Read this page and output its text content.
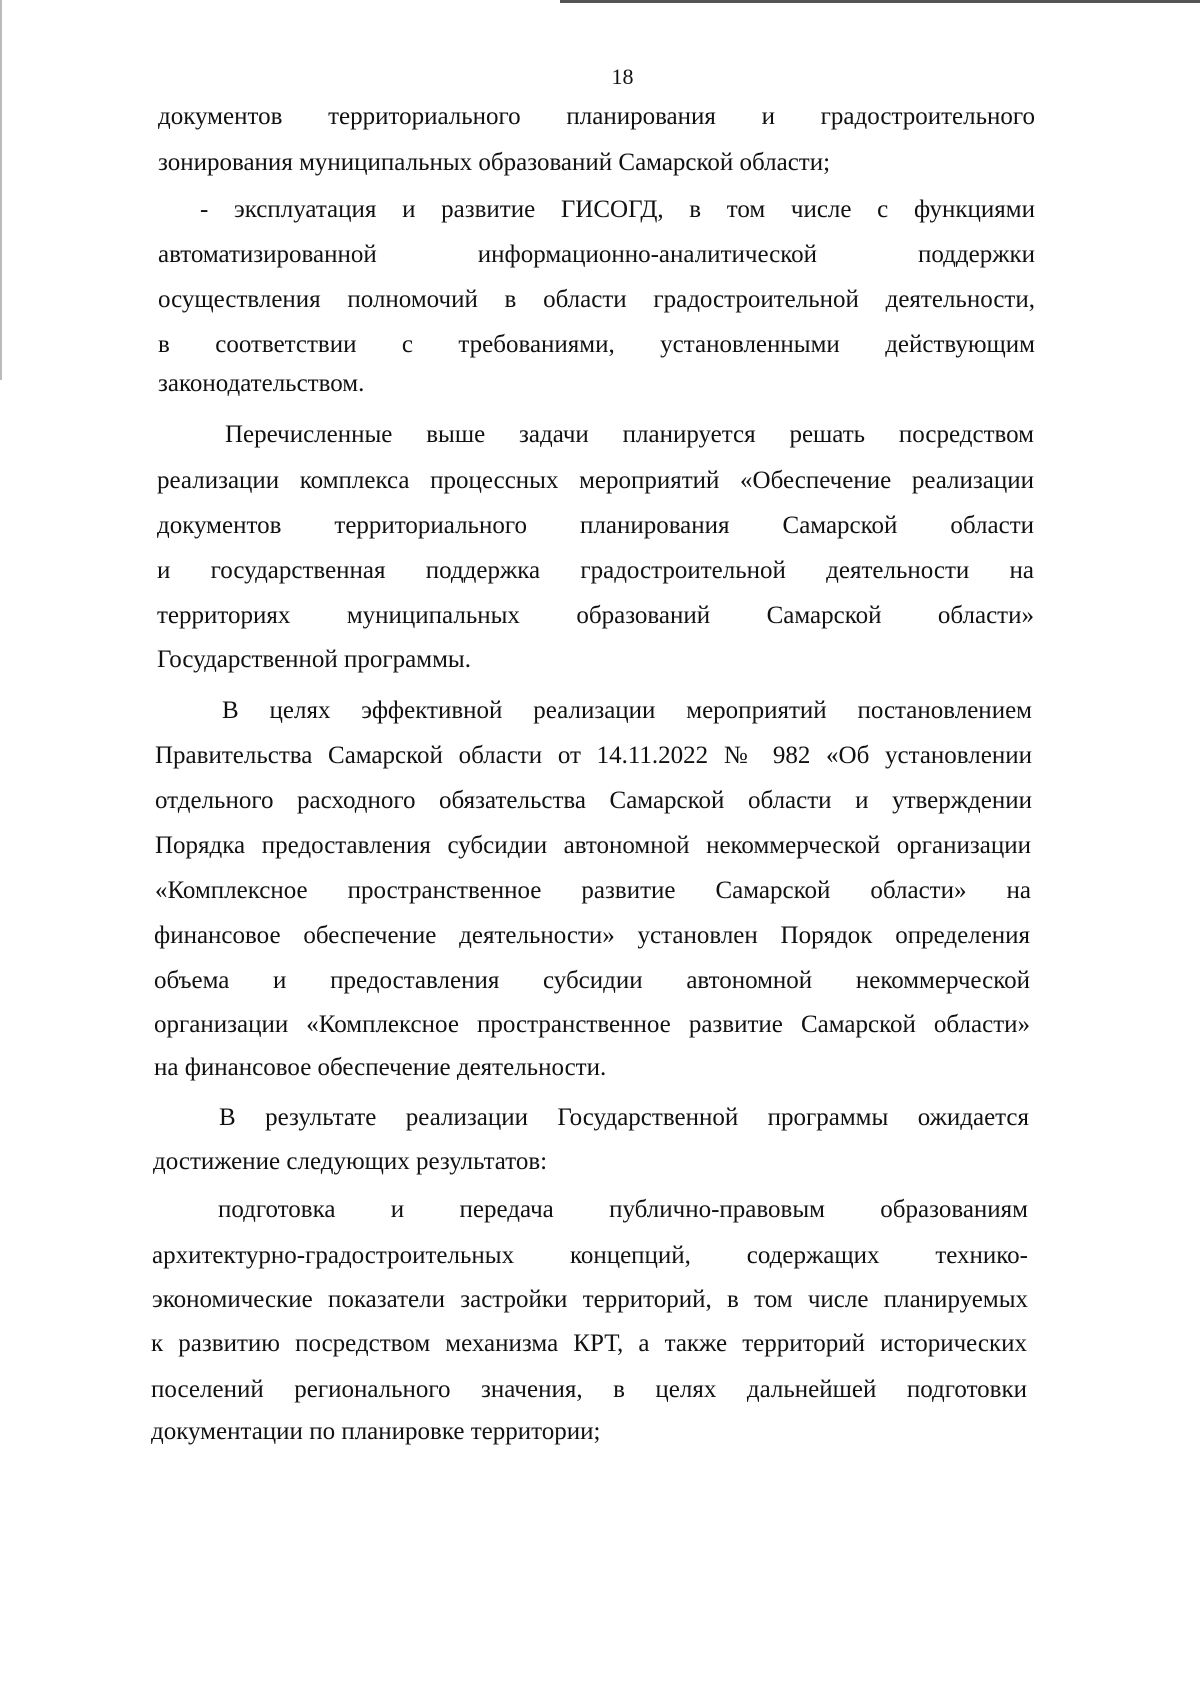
18
документов территориального планирования и градостроительного
зонирования муниципальных образований Самарской области;
- эксплуатация и развитие ГИСОГД, в том числе с функциями
автоматизированной информационно-аналитической поддержки
осуществления полномочий в области градостроительной деятельности,
в соответствии с требованиями, установленными действующим
законодательством.
Перечисленные выше задачи планируется решать посредством
реализации комплекса процессных мероприятий «Обеспечение реализации
документов территориального планирования Самарской области
и государственная поддержка градостроительной деятельности на
территориях муниципальных образований Самарской области»
Государственной программы.
В целях эффективной реализации мероприятий постановлением
Правительства Самарской области от 14.11.2022 № 982 «Об установлении
отдельного расходного обязательства Самарской области и утверждении
Порядка предоставления субсидии автономной некоммерческой организации
«Комплексное пространственное развитие Самарской области» на
финансовое обеспечение деятельности» установлен Порядок определения
объема и предоставления субсидии автономной некоммерческой
организации «Комплексное пространственное развитие Самарской области»
на финансовое обеспечение деятельности.
В результате реализации Государственной программы ожидается
достижение следующих результатов:
подготовка и передача публично-правовым образованиям
архитектурно-градостроительных концепций, содержащих технико-
экономические показатели застройки территорий, в том числе планируемых
к развитию посредством механизма КРТ, а также территорий исторических
поселений регионального значения, в целях дальнейшей подготовки
документации по планировке территории;
